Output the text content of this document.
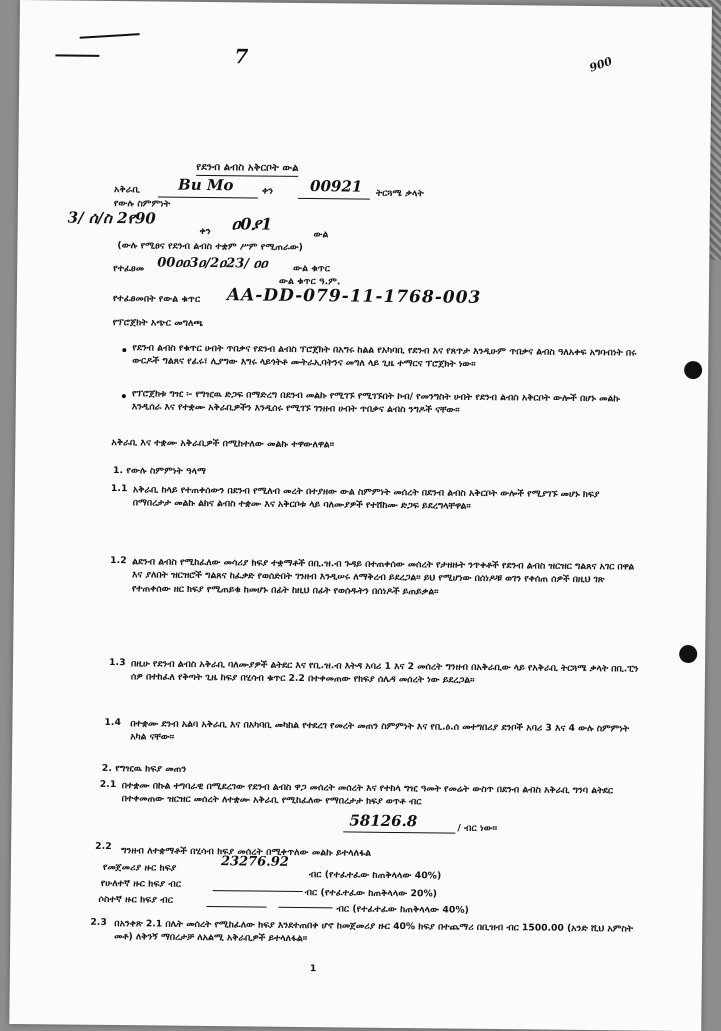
7	900
የደንብ ልብስ አቅርቦት ውል
አቅራቢ	Bu Mo	ቀን 00921 ትርጓሜ ቃላት
የውሉ ስምምነት
3/ ሰ/ስ 2የ90
ቀን ዐ0ያ1
ውል
(ውሉ የሚፀና የደንብ ልብስ ተቋም ሥም የሚጠራው)
የተፈፀመ 00ዐዐ3ዐ/2ዐ23/ ዐዐ	ውል ቁጥር
ውል ቁጥር ዓ.ም.
የተፈፀመበት የውል ቁጥር AA-DD-079-11-1768-003
የፕሮጀክት አጭር መግለጫ
የደንብ ልብስ የቁጥር ሀብት ጥበቃና የደንብ ልብስ ፕሮጀክት በአግሩ ከልል የአካባቢ የደንብ እና የጸጥታ እንዲሁም ጥበቃና ልብስ ዓለአቀፍ አግባብነት በሩ ውርዶች ግልጸና የፈሩ፣ ሊያግው እግሩ ላይጎትቶ ሙትራኢባትንና መግለ ላይ ጊዜ ተማርና ፕሮጀክት ነው።
የፕሮጀክቱ ግዢ ፡- የግዢዉ ድጋፍ በማድረግ በደንብ መልኩ የሚገኙ የሚገኙበት ኮብ/ የመንግስት ሀብት የደንብ ልብስ አቅርቦት ውሎች በሆኑ መልኩ እንዲሰራ እና የተቋሙ አቅራቢዎችን እንዲሰሩ የሚገኙ ገንዘብ ሀብት ጥበቃና ልብስ ንግዶች ናቸው።
አቅራቢ እና ተቋሙ አቅራቢዎች በሚከተለው መልኩ ተዋውለዋል፡፡
1. የውሉ ስምምነት ዓላማ
1.1 አቅራቢ ከላይ የተጠቀሰውን በደንብ የሚለብ መረት በተያዘው ውል ስምምነት መሰረት በደንብ ልብስ አቅርቦት ውሎች የሚያገኙ መሆኑ ክፍያ በማበረታታ መልኩ ልክና ልብስ ተቋሙ እና አቅርቦቱ ላይ ባለሙያዎች የተሸከሙ ድጋፍ ይደረግላቸዋል፡፡
1.2 ልደንብ ልብስ የሚከፈለው መሳሪያ ክፍያ ተቋማቶች በቢ.ዝ.ብ ጉዳይ በተጠቀሰው መሰረት የታዘዙት ንጥቀቶች የደንብ ልብስ ዝርዝር ግልጸና አገር በዋል እና ያለበት ዝርዝሮች ግልጸና ከፈቃድ የወሰድበት ገንዘብ እንዲሠሩ ለማቅረብ ይደረጋል፡፡ ይህ የሚሆነው በሰነዶቹ ወገን የቀሰጠ ሰዎች በዚህ ገጽ የተጠቀሰው ዘር ክፍያ የሚጠይቁ ከመሆኑ በፊት ከዚህ በፊት የወሰዱትን በሰነዶች ይጠይቃል፡፡
1.3 በዚሁ የደንብ ልብስ አቅራቢ ባለሙያዎች ልትደር እና የቢ.ዝ.ብ እትዳ አባሪ 1 እና 2 መሰረት ግንዘብ በአቅራቢው ላይ የአቅራቢ ትርጓሜ ቃላት በቢ.ፒን ሰዎ በተከፈለ የቅጣት ጊዜ ከፍያ በሂሳብ ቁጥር 2.2 በተቀመጠው የክፍያ ሰሌዳ መሰረት ነው ይደረጋል፡፡
1.4 በተቋሙ ደንብ አልባ አቅራቢ እና በአካባቢ መካከል የተደረገ የመረት መጠን ስምምነት እና የቢ.ዕ.ሰ መተግበሪያ ደንቦች አባሪ 3 እና 4 ውሉ ስምምነት አካል ናቸው፡፡
2. የግዢዉ ክፍያ መጠን
2.1 በተቋሙ በኩል ተግባራዊ በሚደረገው የደንብ ልብስ ዋጋ መሰረት መሰረት እና የተከላ ግዢ ዓመት የመሬት ውስጥ በደንብ ልብስ አቅራቢ ግንባ ልትደር በተቀመጠው ዝርዝር መሰረት ለተቋሙ አቅራቢ የሚከፈለው የማበረታታ ክፍያ ወጥቶ ብር
58126.8	/ ብር ነው፡፡
2.2 ግንዘብ ለተቋማቶች በሂሳብ ክፍያ መሰረት በሚቀጥለው መልኩ ይተላለፋል
የመጀመሪያ ዙር ክፍያ	23276.92
ብር (የተፈተፈው ከጠቅላላው 40%)
የሁለተኛ ዙር ክፍያ ብር
ብር (የተፈተፈው ከጠቅላላው 20%)
ሶስተኛ ዙር ክፍያ ብር
ብር (የተፈተፈው ከጠቅላላው 40%)
2.3 በአንቀጽ 2.1 በሌት መሰረት የሚከፈለው ክፍያ እንደተጠበቀ ሆኖ ከመጀመሪያ ዙር 40% ክፍያ በተጨማሪ በቢዝብ ብር 1500.00 (አንድ ሺህ አምስት መቶ) ለቅንኝ ማበረታቻ ለአልሚ አቅራቢዎች ይተላለፋል፡፡
1
